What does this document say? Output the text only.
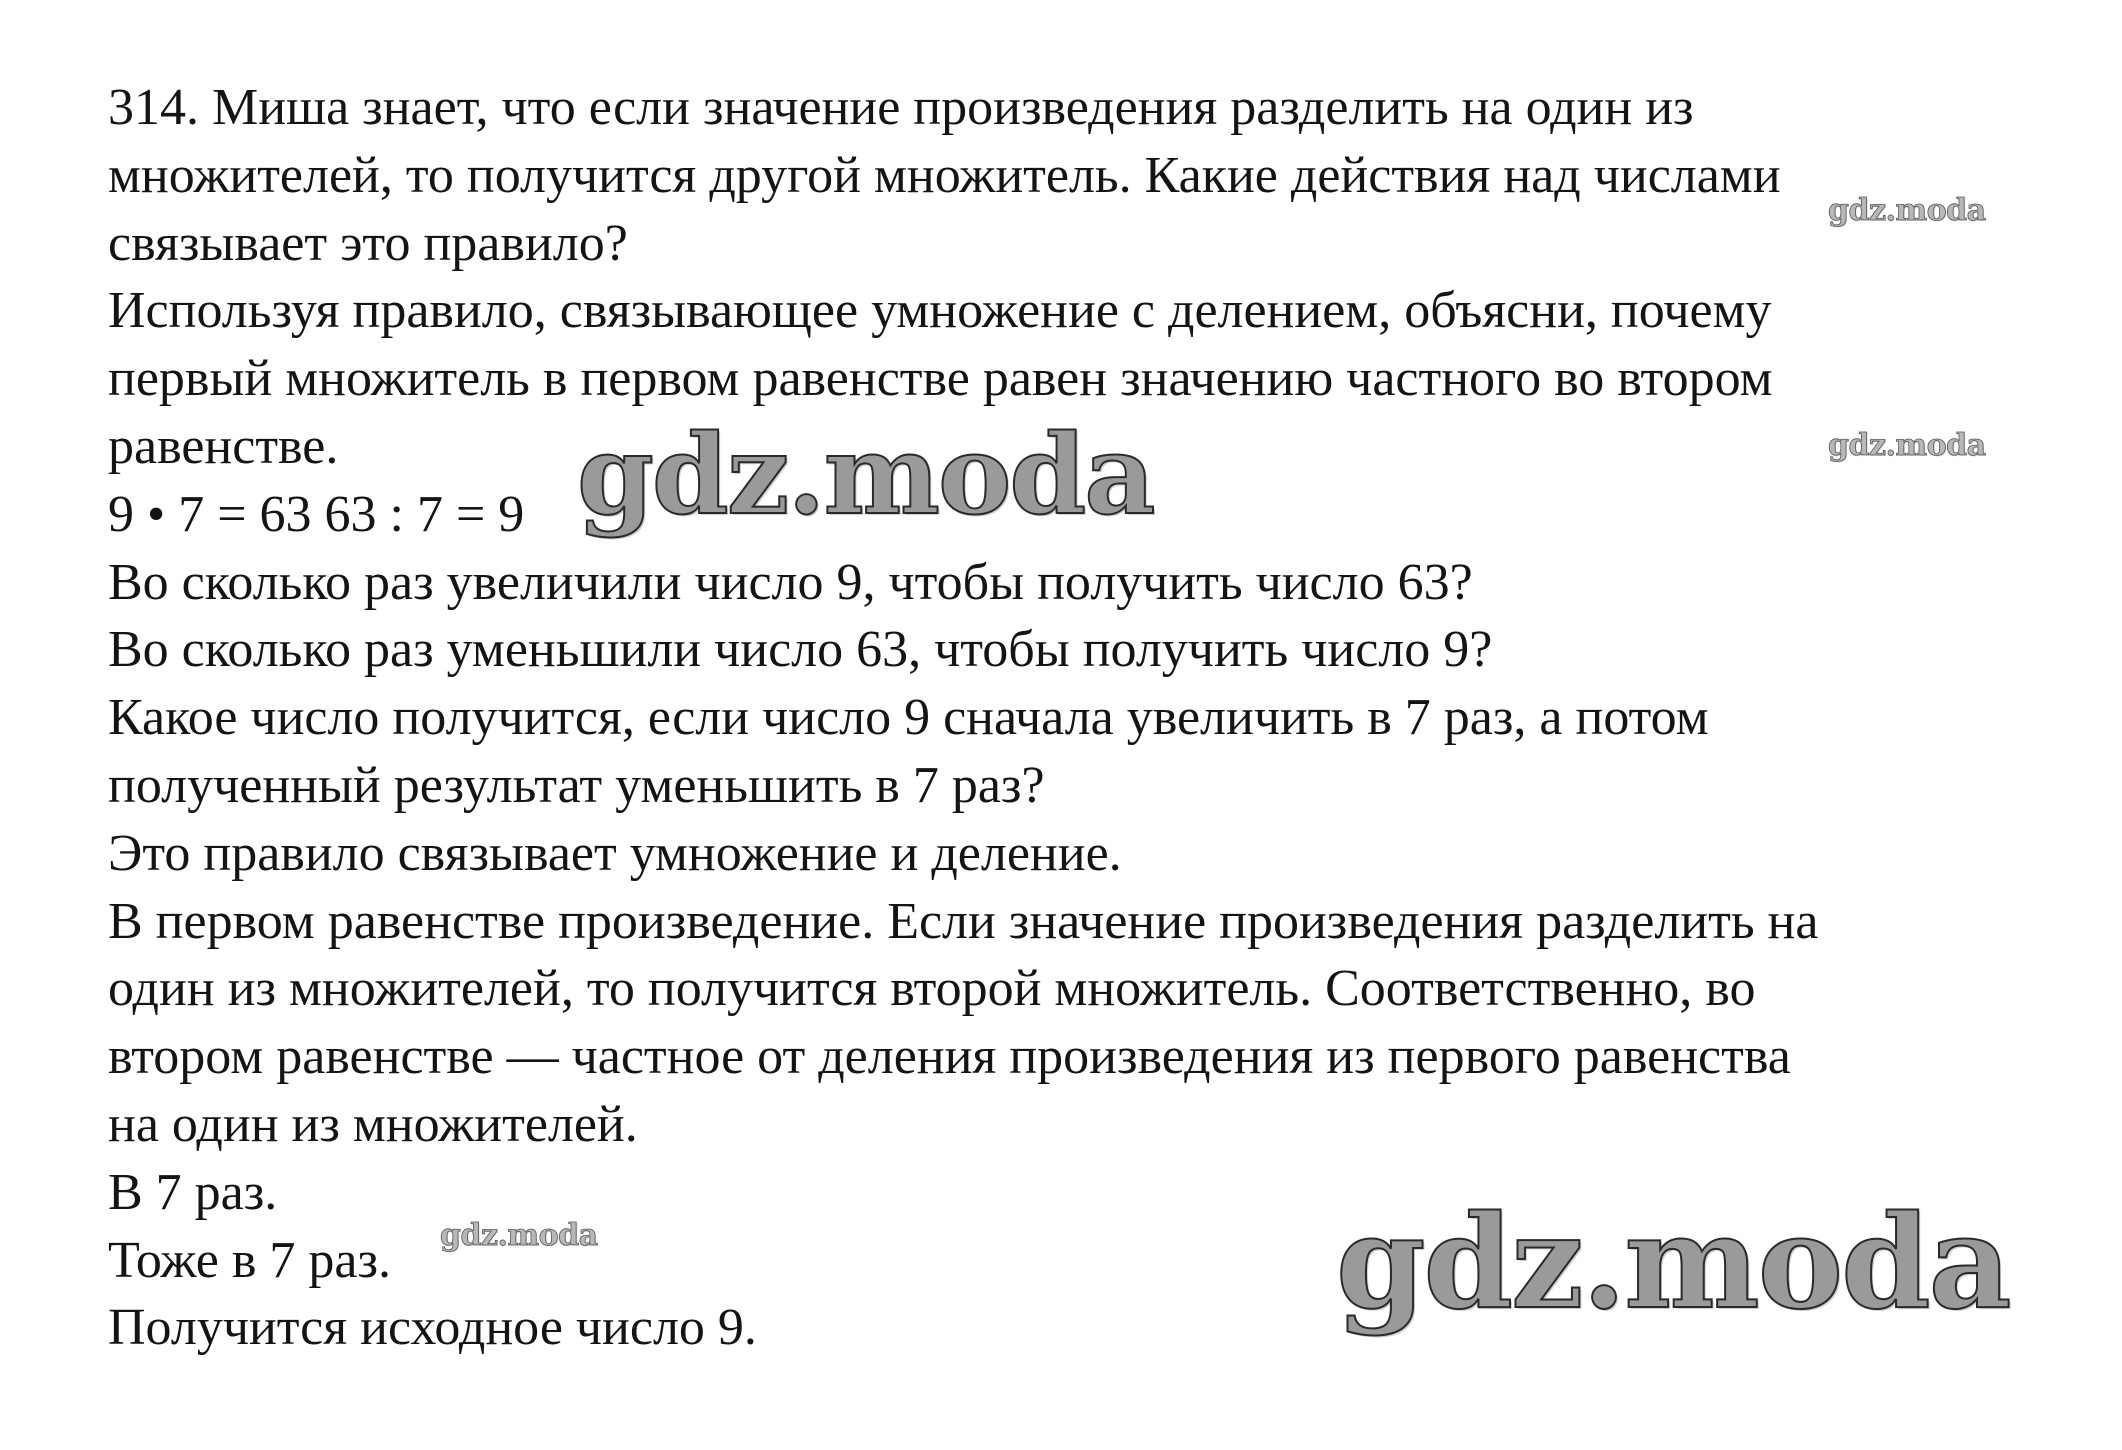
314. Миша знает, что если значение произведения разделить на один из
множителей, то получится другой множитель. Какие действия над числами
связывает это правило?
Используя правило, связывающее умножение с делением, объясни, почему
первый множитель в первом равенстве равен значению частного во втором
равенстве.
9 • 7 = 63 63 : 7 = 9
Во сколько раз увеличили число 9, чтобы получить число 63?
Во сколько раз уменьшили число 63, чтобы получить число 9?
Какое число получится, если число 9 сначала увеличить в 7 раз, а потом
полученный результат уменьшить в 7 раз?
Это правило связывает умножение и деление.
В первом равенстве произведение. Если значение произведения разделить на
один из множителей, то получится второй множитель. Соответственно, во
втором равенстве — частное от деления произведения из первого равенства
на один из множителей.
В 7 раз.
Тоже в 7 раз.
Получится исходное число 9.
gdz.moda
gdz.moda
gdz.moda
gdz.moda	gdz.moda
